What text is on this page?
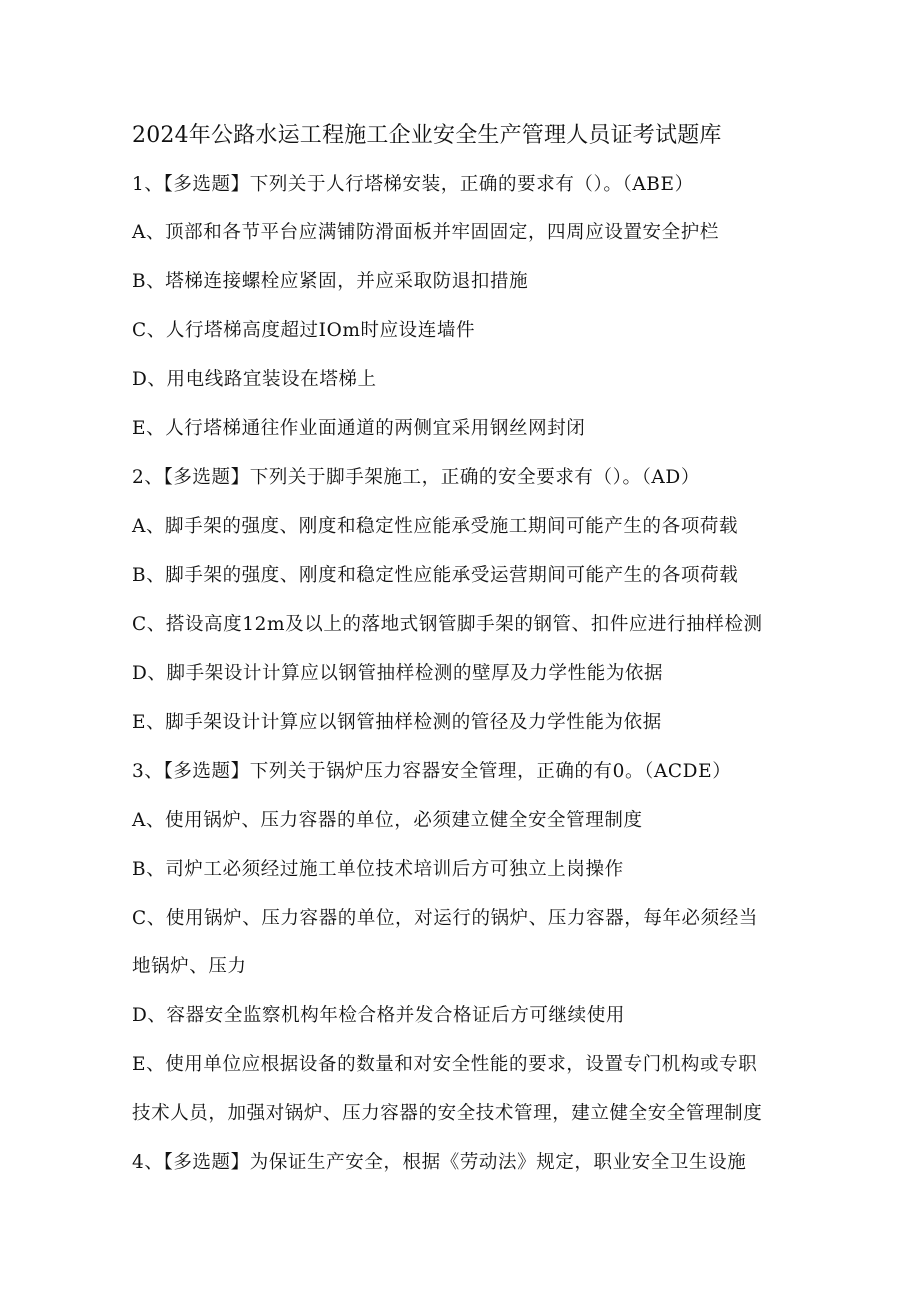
2024年公路水运工程施工企业安全生产管理人员证考试题库
1、【多选题】下列关于人行塔梯安装，正确的要求有（）。（ABE）
A、顶部和各节平台应满铺防滑面板并牢固固定，四周应设置安全护栏
B、塔梯连接螺栓应紧固，并应采取防退扣措施
C、人行塔梯高度超过IOm时应设连墙件
D、用电线路宜装设在塔梯上
E、人行塔梯通往作业面通道的两侧宜采用钢丝网封闭
2、【多选题】下列关于脚手架施工，正确的安全要求有（）。（AD）
A、脚手架的强度、刚度和稳定性应能承受施工期间可能产生的各项荷载
B、脚手架的强度、刚度和稳定性应能承受运营期间可能产生的各项荷载
C、搭设高度12m及以上的落地式钢管脚手架的钢管、扣件应进行抽样检测
D、脚手架设计计算应以钢管抽样检测的壁厚及力学性能为依据
E、脚手架设计计算应以钢管抽样检测的管径及力学性能为依据
3、【多选题】下列关于锅炉压力容器安全管理，正确的有0。（ACDE）
A、使用锅炉、压力容器的单位，必须建立健全安全管理制度
B、司炉工必须经过施工单位技术培训后方可独立上岗操作
C、使用锅炉、压力容器的单位，对运行的锅炉、压力容器，每年必须经当
地锅炉、压力
D、容器安全监察机构年检合格并发合格证后方可继续使用
E、使用单位应根据设备的数量和对安全性能的要求，设置专门机构或专职
技术人员，加强对锅炉、压力容器的安全技术管理，建立健全安全管理制度
4、【多选题】为保证生产安全，根据《劳动法》规定，职业安全卫生设施
